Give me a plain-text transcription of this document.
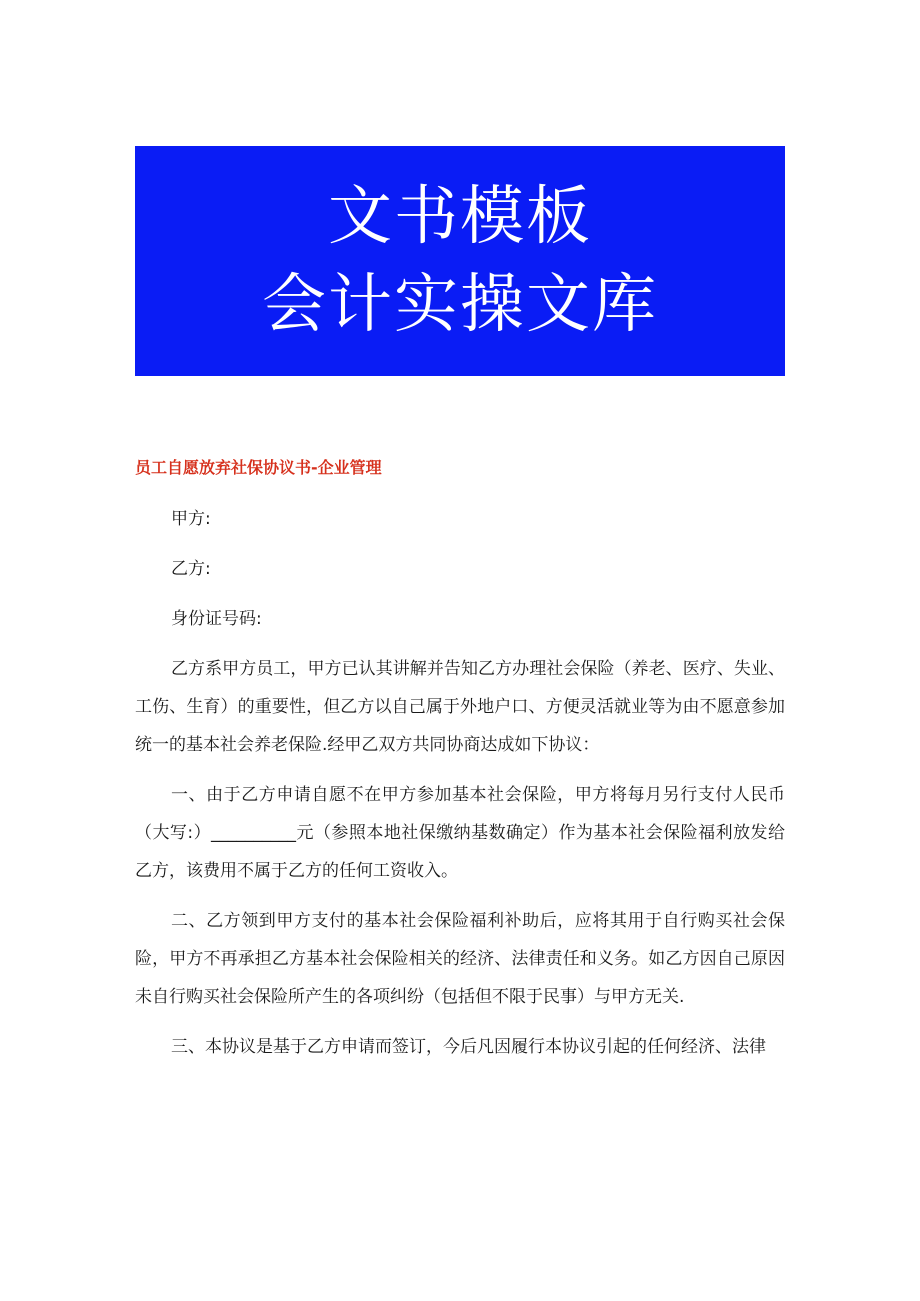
文书模板
会计实操文库
员工自愿放弃社保协议书-企业管理

甲方:

乙方:

身份证号码:

乙方系甲方员工，甲方已认其讲解并告知乙方办理社会保险（养老、医疗、失业、工伤、生育）的重要性，但乙方以自己属于外地户口、方便灵活就业等为由不愿意参加统一的基本社会养老保险.经甲乙双方共同协商达成如下协议：

一、由于乙方申请自愿不在甲方参加基本社会保险，甲方将每月另行支付人民币（大写:）__________元（参照本地社保缴纳基数确定）作为基本社会保险福利放发给乙方，该费用不属于乙方的任何工资收入。

二、乙方领到甲方支付的基本社会保险福利补助后，应将其用于自行购买社会保险，甲方不再承担乙方基本社会保险相关的经济、法律责任和义务。如乙方因自己原因未自行购买社会保险所产生的各项纠纷（包括但不限于民事）与甲方无关.

三、本协议是基于乙方申请而签订，今后凡因履行本协议引起的任何经济、法律
